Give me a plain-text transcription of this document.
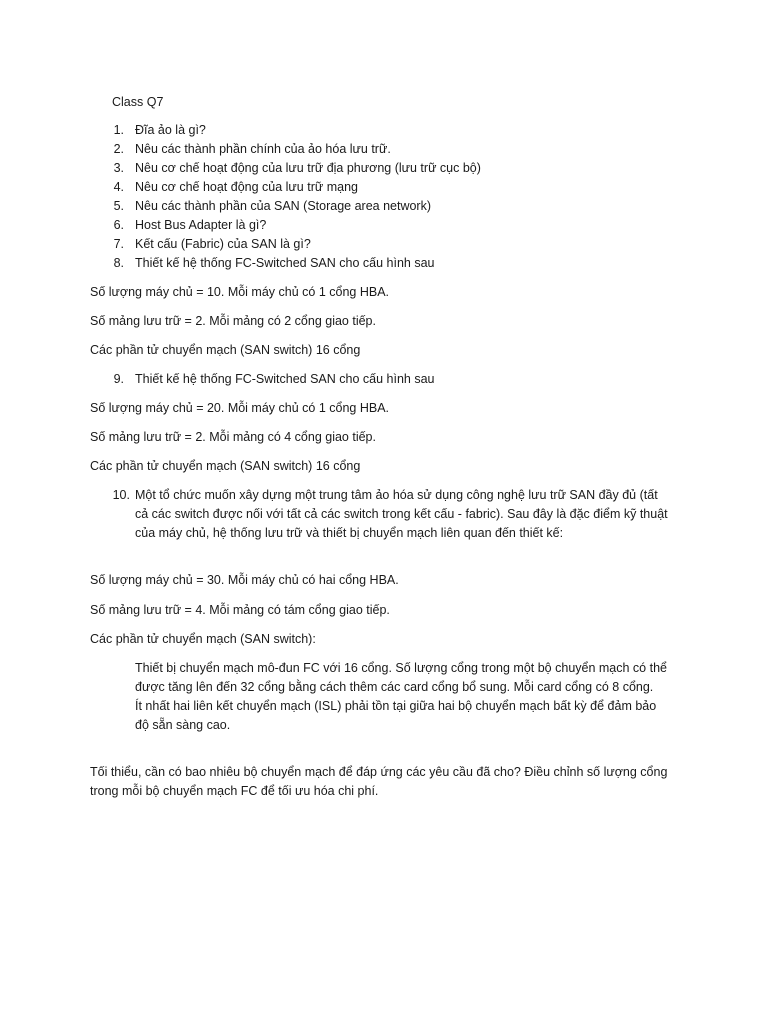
Class Q7
1. Đĩa ảo là gì?
2. Nêu các thành phần chính của ảo hóa lưu trữ.
3. Nêu cơ chế hoạt động của lưu trữ địa phương (lưu trữ cục bộ)
4. Nêu cơ chế hoạt động của lưu trữ mạng
5. Nêu các thành phần của SAN (Storage area network)
6. Host Bus Adapter là gì?
7. Kết cấu (Fabric) của SAN là gì?
8. Thiết kế hệ thống FC-Switched SAN cho cấu hình sau
Số lượng máy chủ = 10. Mỗi máy chủ có 1 cổng HBA.
Số mảng lưu trữ = 2. Mỗi mảng có 2 cổng giao tiếp.
Các phần tử chuyển mạch (SAN switch) 16 cổng
9. Thiết kế hệ thống FC-Switched SAN cho cấu hình sau
Số lượng máy chủ = 20. Mỗi máy chủ có 1 cổng HBA.
Số mảng lưu trữ = 2. Mỗi mảng có 4 cổng giao tiếp.
Các phần tử chuyển mạch (SAN switch) 16 cổng
10. Một tổ chức muốn xây dựng một trung tâm ảo hóa sử dụng công nghệ lưu trữ SAN đầy đủ (tất
cả các switch được nối với tất cả các switch trong kết cấu - fabric). Sau đây là đặc điểm kỹ thuật
của máy chủ, hệ thống lưu trữ và thiết bị chuyển mạch liên quan đến thiết kế:
Số lượng máy chủ = 30. Mỗi máy chủ có hai cổng HBA.
Số mảng lưu trữ = 4. Mỗi mảng có tám cổng giao tiếp.
Các phần tử chuyển mạch (SAN switch):
Thiết bị chuyển mạch mô-đun FC với 16 cổng. Số lượng cổng trong một bộ chuyển mạch có thể
được tăng lên đến 32 cổng bằng cách thêm các card cổng bổ sung. Mỗi card cổng có 8 cổng.
Ít nhất hai liên kết chuyển mạch (ISL) phải tồn tại giữa hai bộ chuyển mạch bất kỳ để đảm bảo
độ sẵn sàng cao.
Tối thiểu, cần có bao nhiêu bộ chuyển mạch để đáp ứng các yêu cầu đã cho? Điều chỉnh số lượng cổng
trong mỗi bộ chuyển mạch FC để tối ưu hóa chi phí.
